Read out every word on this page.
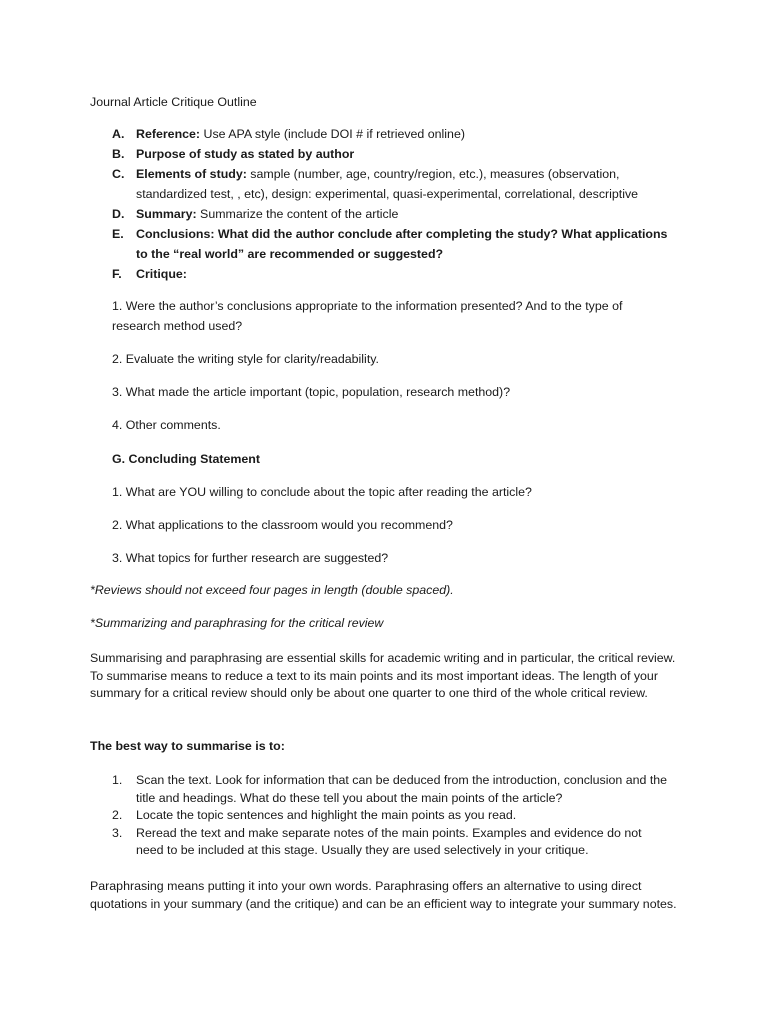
Journal Article Critique Outline
A. Reference: Use APA style (include DOI # if retrieved online)
B. Purpose of study as stated by author
C. Elements of study: sample (number, age, country/region, etc.), measures (observation, standardized test, , etc), design: experimental, quasi-experimental, correlational, descriptive
D. Summary: Summarize the content of the article
E. Conclusions: What did the author conclude after completing the study? What applications to the “real world” are recommended or suggested?
F.	Critique:
1. Were the author’s conclusions appropriate to the information presented? And to the type of research method used?
2. Evaluate the writing style for clarity/readability.
3. What made the article important (topic, population, research method)?
4. Other comments.
G. Concluding Statement
1. What are YOU willing to conclude about the topic after reading the article?
2. What applications to the classroom would you recommend?
3. What topics for further research are suggested?
*Reviews should not exceed four pages in length (double spaced).
*Summarizing and paraphrasing for the critical review
Summarising and paraphrasing are essential skills for academic writing and in particular, the critical review. To summarise means to reduce a text to its main points and its most important ideas. The length of your summary for a critical review should only be about one quarter to one third of the whole critical review.
The best way to summarise is to:
1.	Scan the text. Look for information that can be deduced from the introduction, conclusion and the title and headings. What do these tell you about the main points of the article?
2.	Locate the topic sentences and highlight the main points as you read.
3.	Reread the text and make separate notes of the main points. Examples and evidence do not need to be included at this stage. Usually they are used selectively in your critique.
Paraphrasing means putting it into your own words. Paraphrasing offers an alternative to using direct quotations in your summary (and the critique) and can be an efficient way to integrate your summary notes.
